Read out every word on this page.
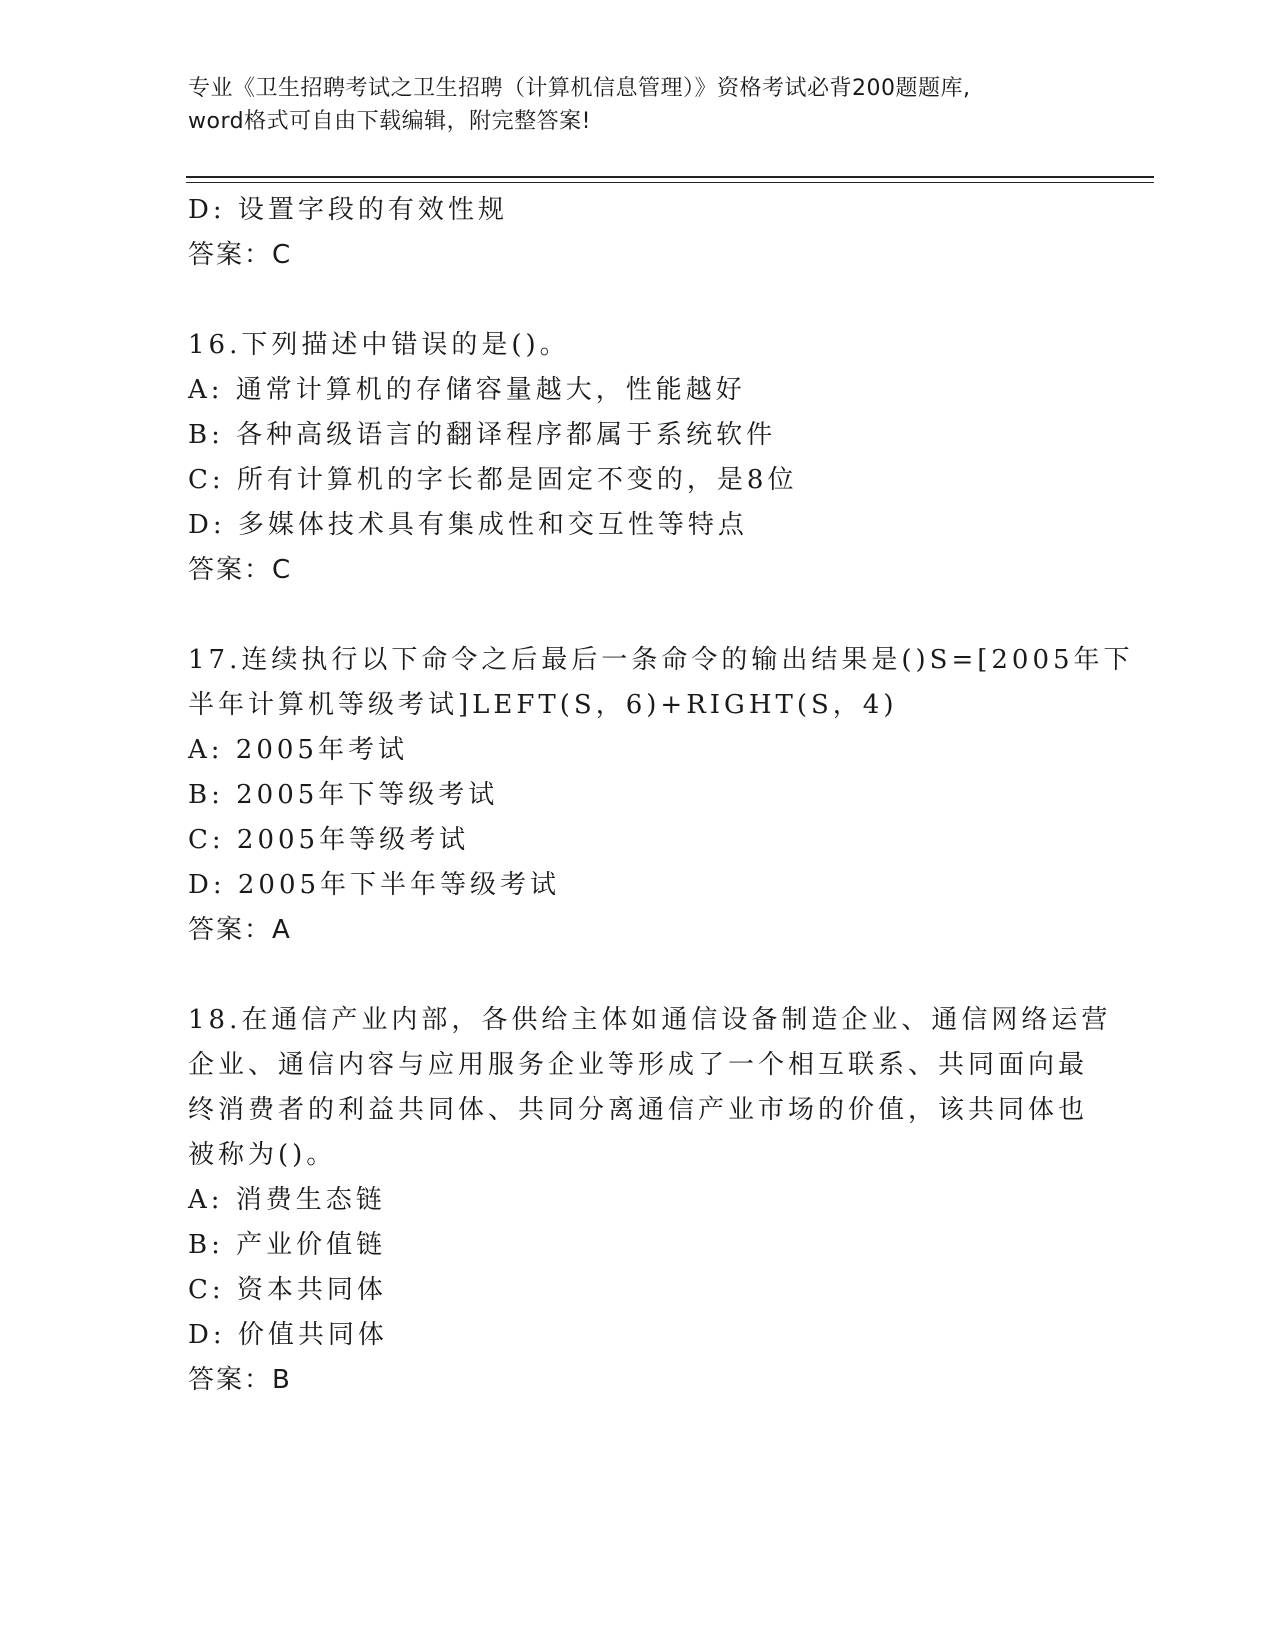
专业《卫生招聘考试之卫生招聘（计算机信息管理）》资格考试必背200题题库,
word格式可自由下载编辑，附完整答案!
D: 设置字段的有效性规
答案：C
16.下列描述中错误的是()。
A: 通常计算机的存储容量越大，性能越好
B: 各种高级语言的翻译程序都属于系统软件
C: 所有计算机的字长都是固定不变的，是8位
D: 多媒体技术具有集成性和交互性等特点
答案：C
17.连续执行以下命令之后最后一条命令的输出结果是()S=[2005年下
半年计算机等级考试]LEFT(S，6)+RIGHT(S，4)
A: 2005年考试
B: 2005年下等级考试
C: 2005年等级考试
D: 2005年下半年等级考试
答案：A
18.在通信产业内部，各供给主体如通信设备制造企业、通信网络运营
企业、通信内容与应用服务企业等形成了一个相互联系、共同面向最
终消费者的利益共同体、共同分离通信产业市场的价值，该共同体也
被称为()。
A: 消费生态链
B: 产业价值链
C: 资本共同体
D: 价值共同体
答案：B
